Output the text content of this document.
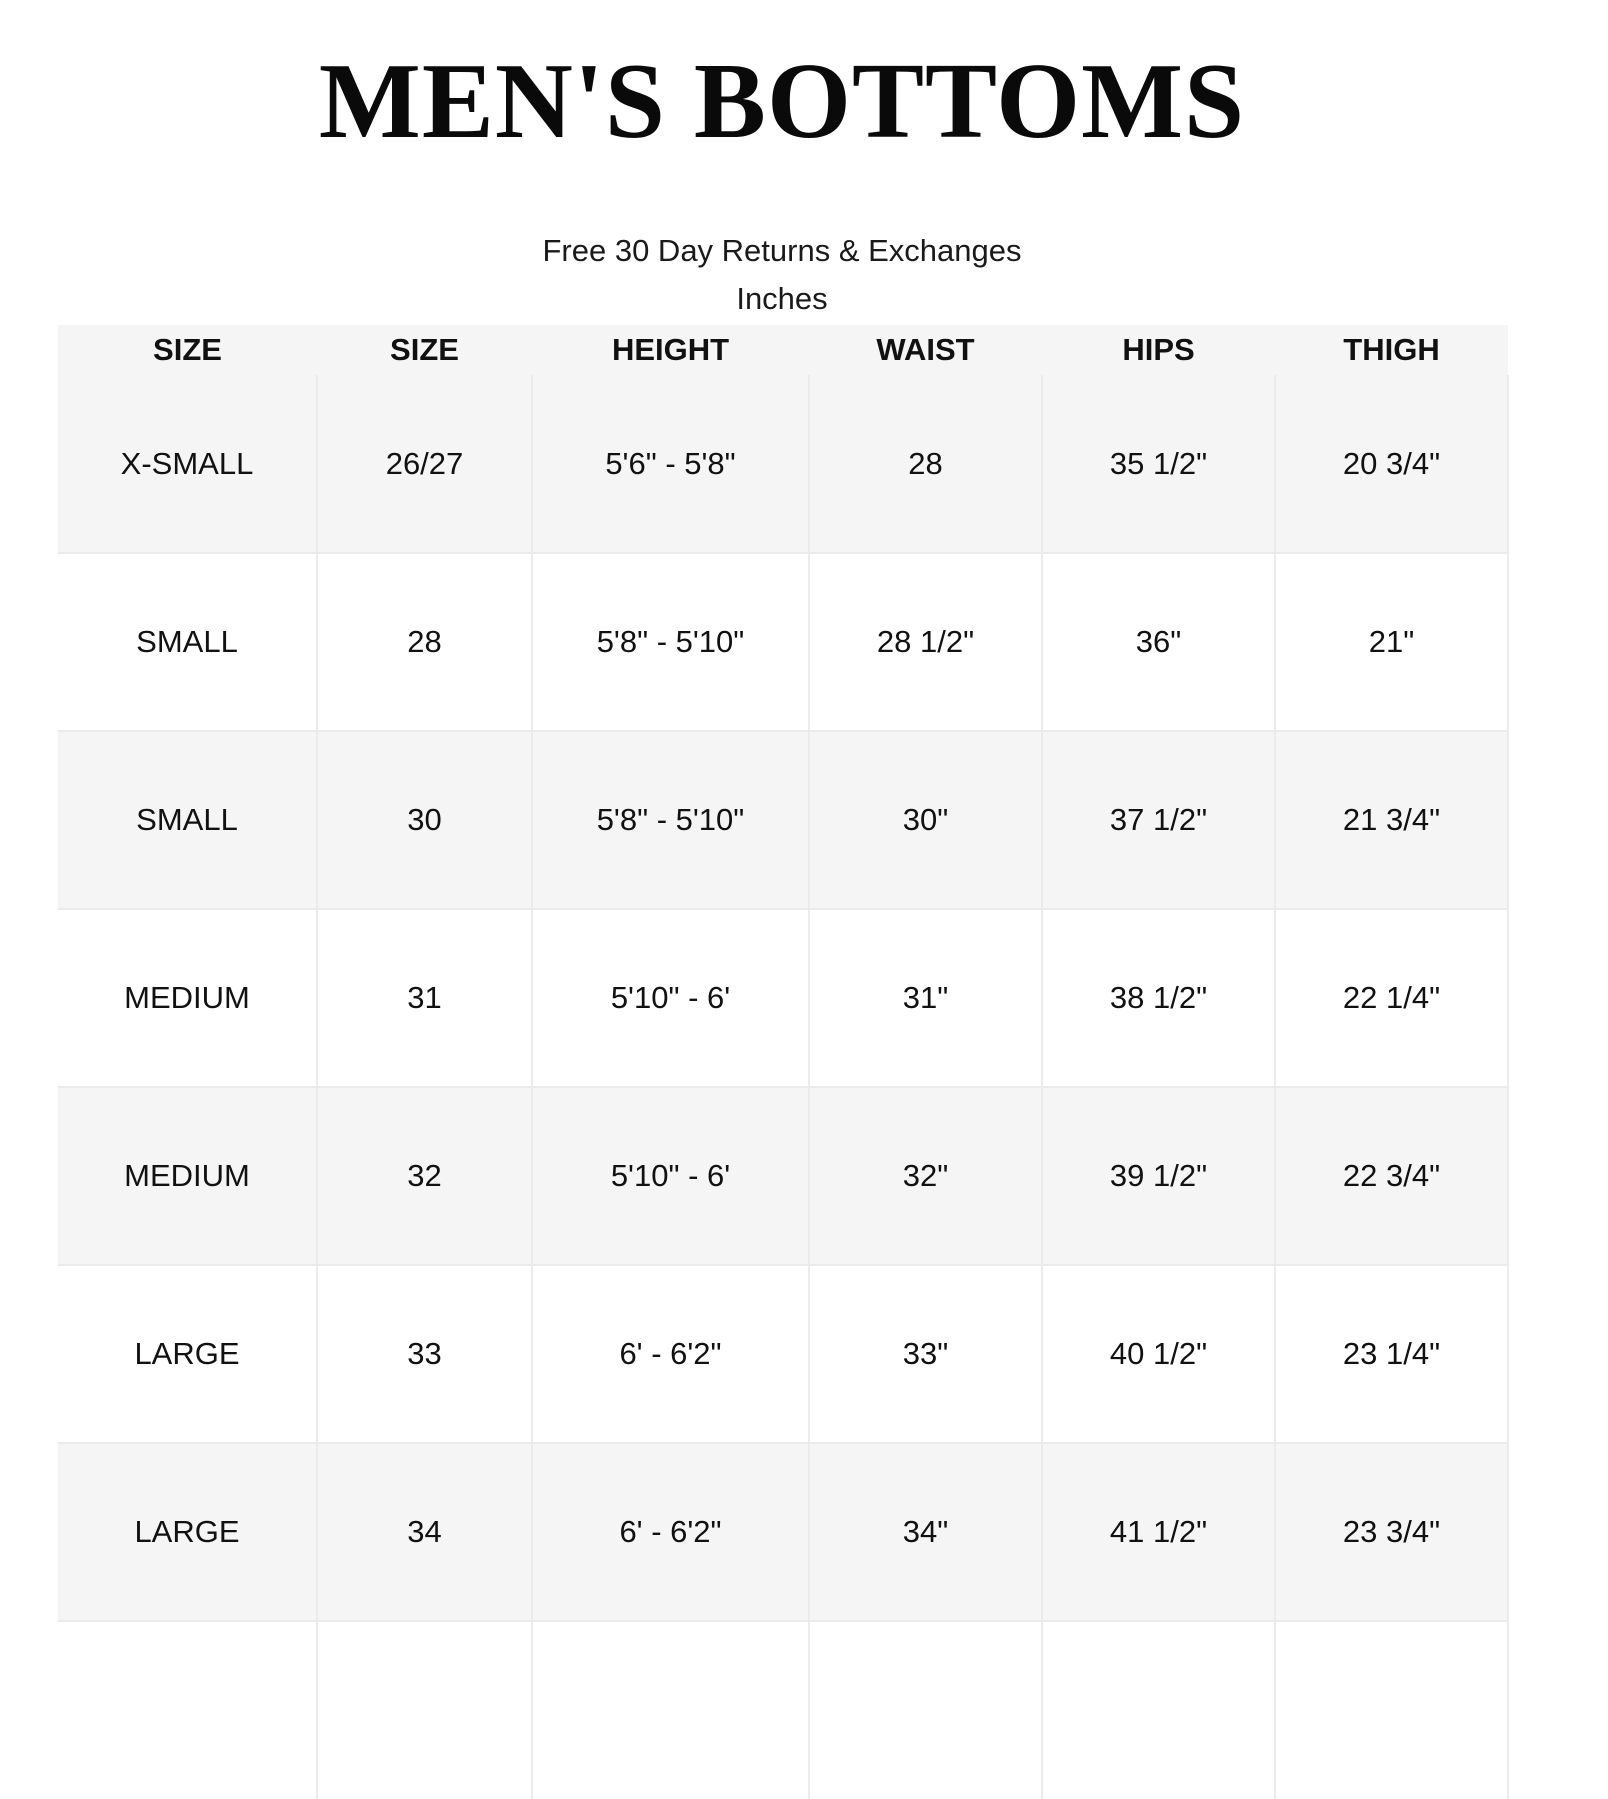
MEN'S BOTTOMS
Free 30 Day Returns & Exchanges
Inches
SIZE	SIZE	HEIGHT	WAIST	HIPS	THIGH
X-SMALL	26/27	5'6" - 5'8"	28	35 1/2"	20 3/4"
SMALL	28	5'8" - 5'10"	28 1/2"	36"	21"
SMALL	30	5'8" - 5'10"	30"	37 1/2"	21 3/4"
MEDIUM	31	5'10" - 6'	31"	38 1/2"	22 1/4"
MEDIUM	32	5'10" - 6'	32"	39 1/2"	22 3/4"
LARGE	33	6' - 6'2"	33"	40 1/2"	23 1/4"
LARGE	34	6' - 6'2"	34"	41 1/2"	23 3/4"
